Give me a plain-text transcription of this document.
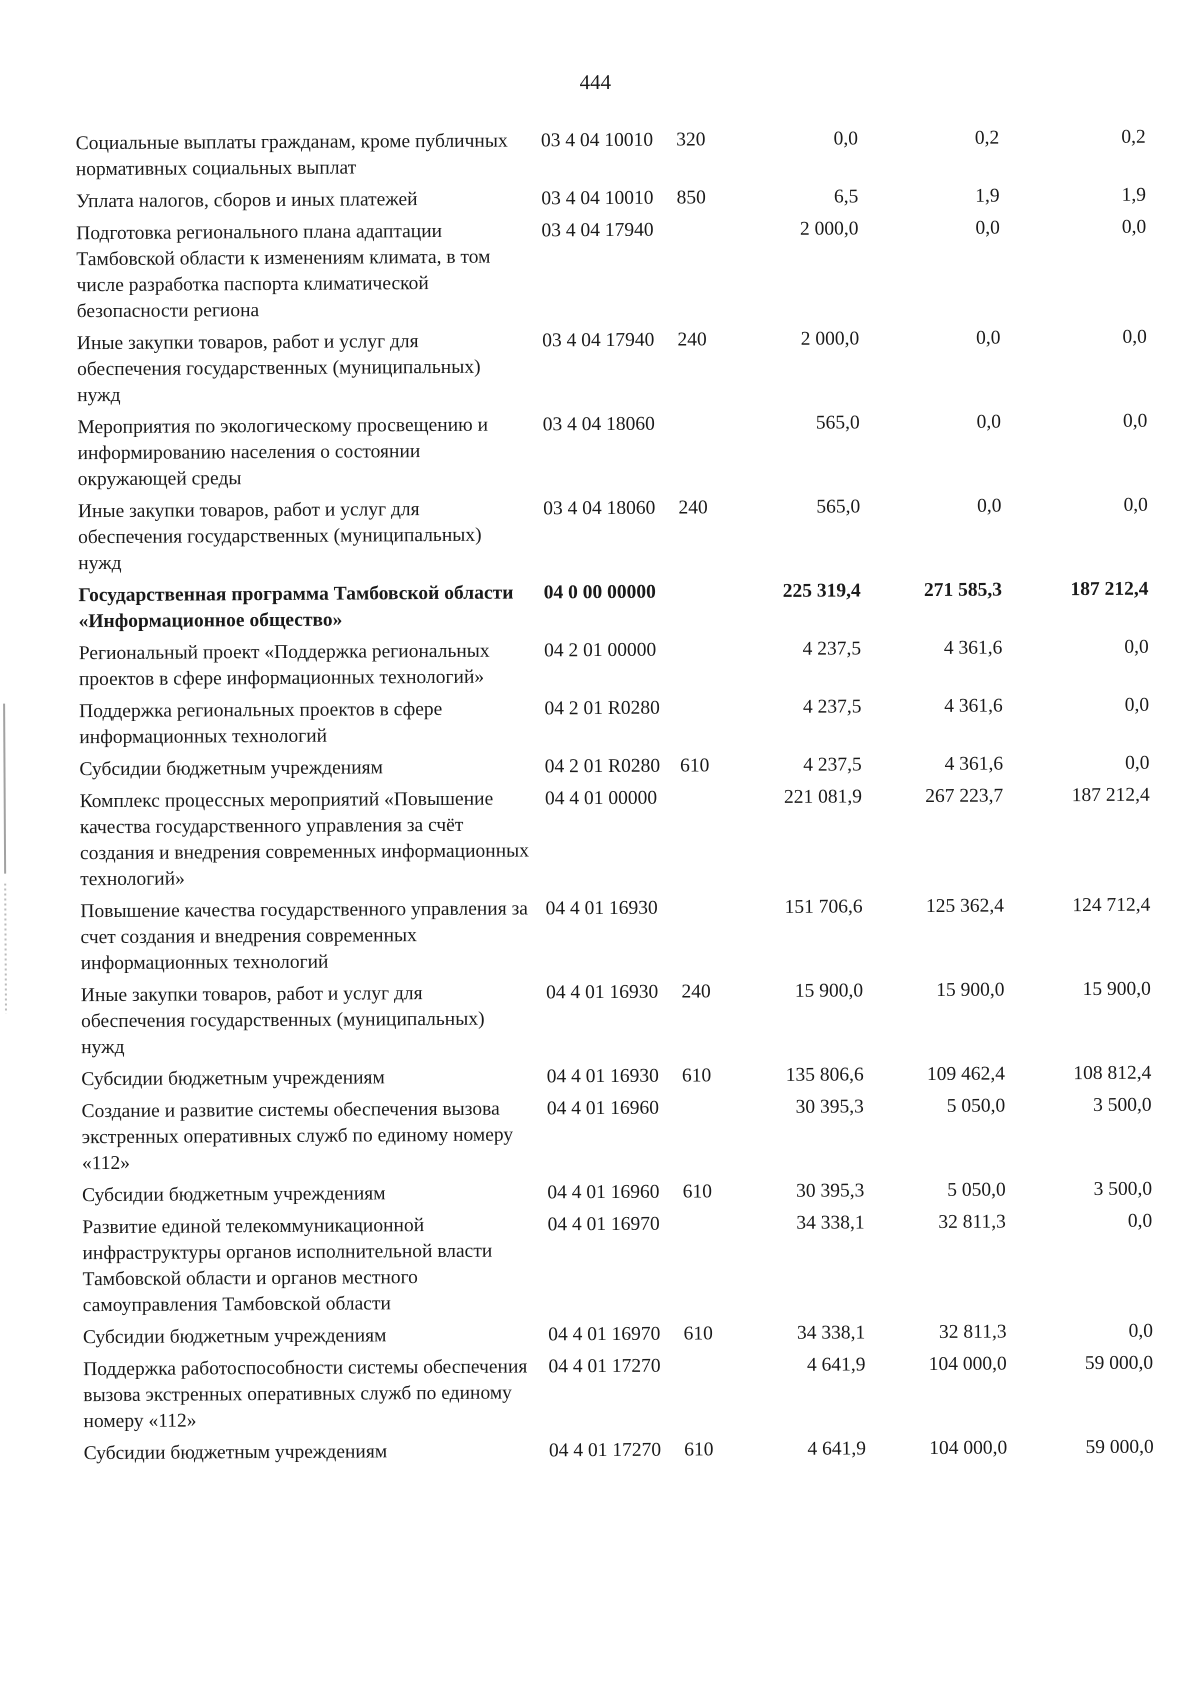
444
Социальные выплаты гражданам, кроме публичных нормативных социальных выплат	03 4 04 10010	320	0,0	0,2	0,2
Уплата налогов, сборов и иных платежей	03 4 04 10010	850	6,5	1,9	1,9
Подготовка регионального плана адаптации Тамбовской области к изменениям климата, в том числе разработка паспорта климатической безопасности региона	03 4 04 17940		2 000,0	0,0	0,0
Иные закупки товаров, работ и услуг для обеспечения государственных (муниципальных) нужд	03 4 04 17940	240	2 000,0	0,0	0,0
Мероприятия по экологическому просвещению и информированию населения о состоянии окружающей среды	03 4 04 18060		565,0	0,0	0,0
Иные закупки товаров, работ и услуг для обеспечения государственных (муниципальных) нужд	03 4 04 18060	240	565,0	0,0	0,0
Государственная программа Тамбовской области «Информационное общество»	04 0 00 00000		225 319,4	271 585,3	187 212,4
Региональный проект «Поддержка региональных проектов в сфере информационных технологий»	04 2 01 00000		4 237,5	4 361,6	0,0
Поддержка региональных проектов в сфере информационных технологий	04 2 01 R0280		4 237,5	4 361,6	0,0
Субсидии бюджетным учреждениям	04 2 01 R0280	610	4 237,5	4 361,6	0,0
Комплекс процессных мероприятий «Повышение качества государственного управления за счёт создания и внедрения современных информационных технологий»	04 4 01 00000		221 081,9	267 223,7	187 212,4
Повышение качества государственного управления за счет создания и внедрения современных информационных технологий	04 4 01 16930		151 706,6	125 362,4	124 712,4
Иные закупки товаров, работ и услуг для обеспечения государственных (муниципальных) нужд	04 4 01 16930	240	15 900,0	15 900,0	15 900,0
Субсидии бюджетным учреждениям	04 4 01 16930	610	135 806,6	109 462,4	108 812,4
Создание и развитие системы обеспечения вызова экстренных оперативных служб по единому номеру «112»	04 4 01 16960		30 395,3	5 050,0	3 500,0
Субсидии бюджетным учреждениям	04 4 01 16960	610	30 395,3	5 050,0	3 500,0
Развитие единой телекоммуникационной инфраструктуры органов исполнительной власти Тамбовской области и органов местного самоуправления Тамбовской области	04 4 01 16970		34 338,1	32 811,3	0,0
Субсидии бюджетным учреждениям	04 4 01 16970	610	34 338,1	32 811,3	0,0
Поддержка работоспособности системы обеспечения вызова экстренных оперативных служб по единому номеру «112»	04 4 01 17270		4 641,9	104 000,0	59 000,0
Субсидии бюджетным учреждениям	04 4 01 17270	610	4 641,9	104 000,0	59 000,0
